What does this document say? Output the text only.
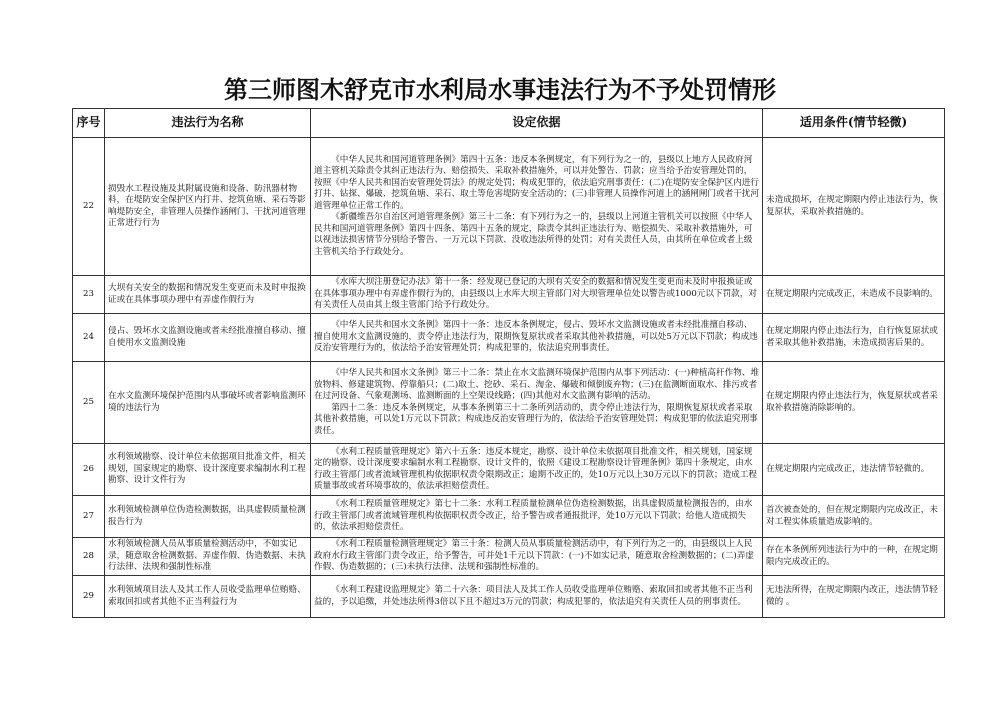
第三师图木舒克市水利局水事违法行为不予处罚情形
序号	违法行为名称	设定依据	适用条件(情节轻微)
22	损毁水工程设施及其附属设施和设备、防汛器材物料，在堤防安全保护区内打井、挖筑鱼塘、采石等影响堤防安全，非管理人员操作涵闸门、干扰河道管理正常进行行为	《中华人民共和国河道管理条例》第四十五条：违反本条例规定，有下列行为之一的，县级以上地方人民政府河道主管机关除责令其纠正违法行为、赔偿损失、采取补救措施外，可以并处警告、罚款；应当给予治安管理处罚的，按照《中华人民共和国治安管理处罚法》的规定处罚；构成犯罪的，依法追究刑事责任：(二)在堤防安全保护区内进行打井、钻探、爆破、挖筑鱼塘、采石、取土等危害堤防安全活动的；(三)非管理人员操作河道上的涵闸闸门或者干扰河道管理单位正常工作的。
《新疆维吾尔自治区河道管理条例》第三十二条：有下列行为之一的，县级以上河道主管机关可以按照《中华人民共和国河道管理条例》第四十四条、第四十五条的规定，除责令其纠正违法行为、赔偿损失、采取补救措施外，可以视违法损害情节分别给予警告、一万元以下罚款、没收违法所得的处罚；对有关责任人员，由其所在单位或者上级主管机关给予行政处分。	未造成损坏，在规定期限内停止违法行为，恢复原状，采取补救措施的。
23	大坝有关安全的数据和情况发生变更而未及时申报换证或在具体事项办理中有弄虚作假行为	《水库大坝注册登记办法》第十一条：经发现已登记的大坝有关安全的数据和情况发生变更而未及时申报换证或在具体事项办理中有弄虚作假行为的，由县级以上水库大坝主管部门对大坝管理单位处以警告或1000元以下罚款，对有关责任人员由其上级主管部门给予行政处分。	在规定期限内完成改正，未造成不良影响的。
24	侵占、毁坏水文监测设施或者未经批准擅自移动、擅自使用水文监测设施	《中华人民共和国水文条例》第四十一条：违反本条例规定，侵占、毁坏水文监测设施或者未经批准擅自移动、擅自使用水文监测设施的，责令停止违法行为，限期恢复原状或者采取其他补救措施，可以处5万元以下罚款；构成违反治安管理行为的，依法给予治安管理处罚；构成犯罪的，依法追究刑事责任。	在规定期限内停止违法行为，自行恢复原状或者采取其他补救措施，未造成损害后果的。
25	在水文监测环境保护范围内从事破坏或者影响监测环境的违法行为	《中华人民共和国水文条例》第三十二条：禁止在水文监测环境保护范围内从事下列活动：(一)种植高秆作物、堆放物料、修建建筑物、停靠船只；(二)取土、挖砂、采石、淘金、爆破和倾倒废弃物；(三)在监测断面取水、排污或者在过河设备、气象观测场、监测断面的上空架设线路；(四)其他对水文监测有影响的活动。
第四十二条：违反本条例规定，从事本条例第三十二条所列活动的，责令停止违法行为，限期恢复原状或者采取其他补救措施，可以处1万元以下罚款；构成违反治安管理行为的，依法给予治安管理处罚；构成犯罪的依法追究刑事责任。	在规定期限内停止违法行为，恢复原状或者采取补救措施消除影响的。
26	水利领域勘察、设计单位未依据项目批准文件，相关规划，国家规定的勘察、设计深度要求编制水利工程勘察、设计文件行为	《水利工程质量管理规定》第六十五条：违反本规定，勘察、设计单位未依据项目批准文件，相关规划，国家规定的勘察、设计深度要求编制水利工程勘察、设计文件的，依照《建设工程勘察设计管理条例》第四十条规定，由水行政主管部门或者流域管理机构依据职权责令限期改正；逾期不改正的，处10万元以上30万元以下的罚款；造成工程质量事故或者环境事故的，依法承担赔偿责任。	在规定期限内完成改正，违法情节轻微的。
27	水利领域检测单位伪造检测数据，出具虚假质量检测报告行为	《水利工程质量管理规定》第七十二条：水利工程质量检测单位伪造检测数据，出具虚假质量检测报告的，由水行政主管部门或者流域管理机构依据职权责令改正，给予警告或者通报批评，处10万元以下罚款；给他人造成损失的，依法承担赔偿责任。	首次被查处的，但在规定期限内完成改正，未对工程实体质量造成影响的。
28	水利领域检测人员从事质量检测活动中，不如实记录，随意取舍检测数据、弄虚作假、伪造数据、未执行法律、法规和强制性标准	《水利工程质量检测管理规定》第三十条：检测人员从事质量检测活动中，有下列行为之一的，由县级以上人民政府水行政主管部门责令改正，给予警告，可并处1千元以下罚款：(一)不如实记录，随意取舍检测数据的；(二)弄虚作假、伪造数据的；(三)未执行法律、法规和强制性标准的。	存在本条例所列违法行为中的一种，在规定期限内完成改正的。
29	水利领域项目法人及其工作人员收受监理单位贿赂、索取回扣或者其他不正当利益行为	《水利工程建设监理规定》第二十六条：项目法人及其工作人员收受监理单位贿赂、索取回扣或者其他不正当利益的，予以追缴，并处违法所得3倍以下且不超过3万元的罚款；构成犯罪的，依法追究有关责任人员的刑事责任。	无违法所得，在规定期限内改正，违法情节轻微的 。
